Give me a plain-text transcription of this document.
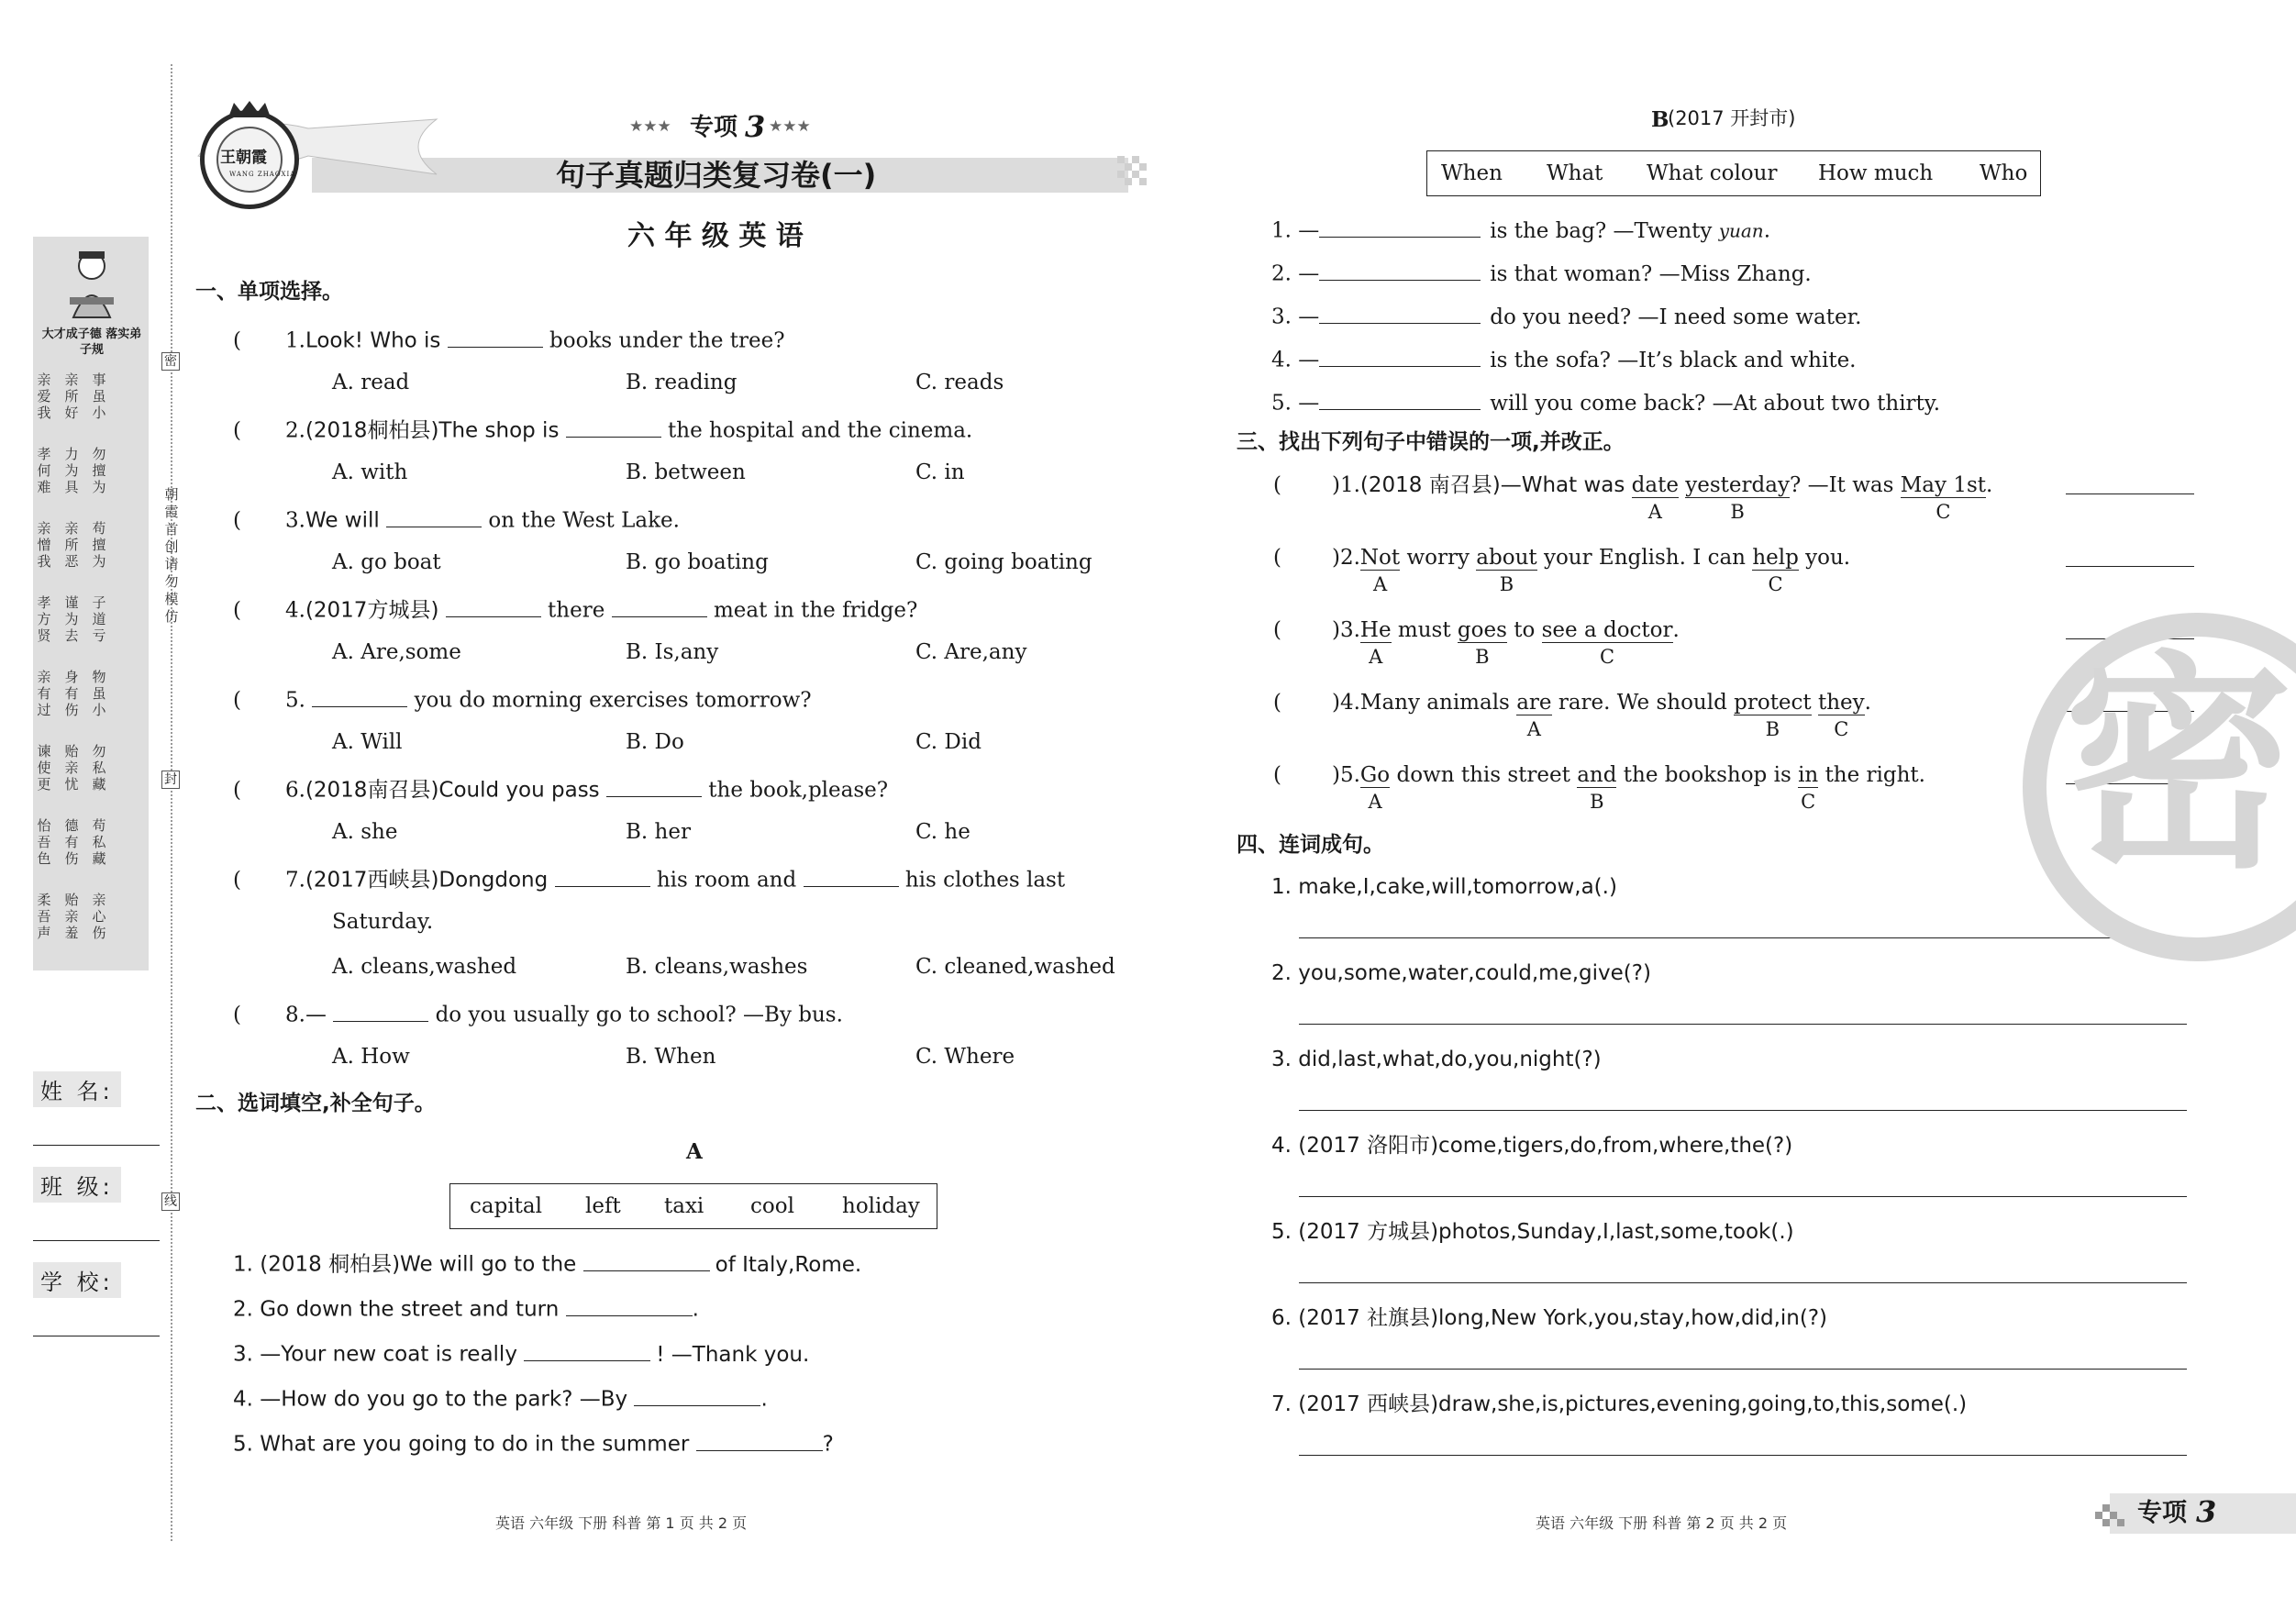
大才成子德 落实弟子规
亲爱我
亲所好
事虽小
孝何难
力为具
勿擅为
亲憎我
亲所恶
苟擅为
孝方贤
谨为去
子道亏
亲有过
身有伤
物虽小
谏使更
贻亲忧
勿私藏
怡吾色
德有伤
苟私藏
柔吾声
贻亲羞
亲心伤
朝霞首创 请勿模仿
密
封
线
姓 名:
班 级:
学 校:
王朝霞
WANG ZHAOXIA
★★★ 专项 3 ★★★
句子真题归类复习卷(一)
六 年 级 英 语
一、单项选择。
( 1.Look! Who is	books under the tree?
A. read	B. reading	C. reads
( 2.(2018桐柏县)The shop is	the hospital and the cinema.
A. with	B. between	C. in
( 3.We will	on the West Lake.
A. go boat	B. go boating	C. going boating
( 4.(2017方城县)	there	meat in the fridge?
A. Are,some	B. Is,any	C. Are,any
( 5.	you do morning exercises tomorrow?
A. Will	B. Do	C. Did
( 6.(2018南召县)Could you pass	the book,please?
A. she	B. her	C. he
( 7.(2017西峡县)Dongdong	his room and	his clothes last
Saturday.
A. cleans,washed	B. cleans,washes	C. cleaned,washed
( 8.—	do you usually go to school? —By bus.
A. How	B. When	C. Where
二、选词填空,补全句子。
A
capital left taxi cool holiday
1. (2018 桐柏县)We will go to the	of Italy,Rome.
2. Go down the street and turn	.
3. —Your new coat is really	! —Thank you.
4. —How do you go to the park? —By	.
5. What are you going to do in the summer	?
B
(2017 开封市)
When What What colour How much Who
1. —	is the bag? —Twenty yuan.
2. —	is that woman? —Miss Zhang.
3. —	do you need? —I need some water.
4. —	is the sofa? —It’s black and white.
5. —	will you come back? —At about two thirty.
三、找出下列句子中错误的一项,并改正。
( )1.(2018 南召县)—What was date
A
yesterday
B
? —It was May 1st
C
.
( )2.Not
A
worry about
B
your English. I can help
C
you.
( )$3.\frac{He}{A}$ must goes
B
to see a doctor
C
.
( )4.Many animals are
A
rare. We should protect
B
they
C
.
( )$5.\frac{Go}{A}$ down this street and
B
the bookshop is $\frac{in}{C}$ the right.
四、连词成句。
1. make,I,cake,will,tomorrow,a(.)
2. you,some,water,could,me,give(?)
3. did,last,what,do,you,night(?)
4. (2017 洛阳市)come,tigers,do,from,where,the(?)
5. (2017 方城县)photos,Sunday,I,last,some,took(.)
6. (2017 社旗县)long,New York,you,stay,how,did,in(?)
7. (2017 西峡县)draw,she,is,pictures,evening,going,to,this,some(.)
密
英语 六年级 下册 科普 第 1 页 共 2 页	英语 六年级 下册 科普 第 2 页 共 2 页	专项 3
